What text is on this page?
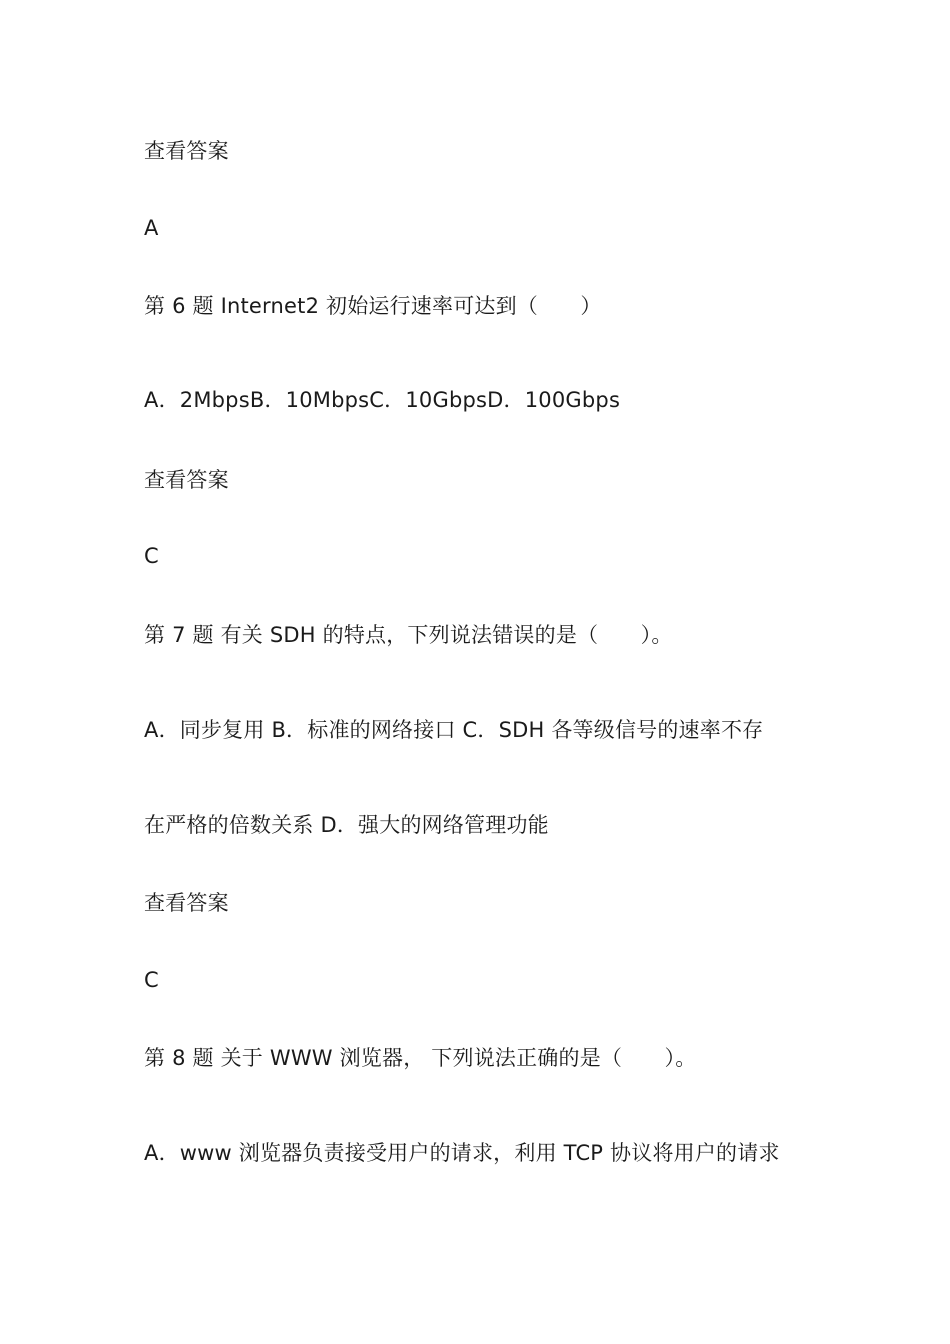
查看答案
A
第 6 题 Internet2 初始运行速率可达到（　　）
A．2MbpsB．10MbpsC．10GbpsD．100Gbps
查看答案
C
第 7 题 有关 SDH 的特点，下列说法错误的是（　　）。
A．同步复用 B．标准的网络接口 C．SDH 各等级信号的速率不存
在严格的倍数关系 D．强大的网络管理功能
查看答案
C
第 8 题 关于 WWW 浏览器， 下列说法正确的是（　　）。
A．www 浏览器负责接受用户的请求，利用 TCP 协议将用户的请求
